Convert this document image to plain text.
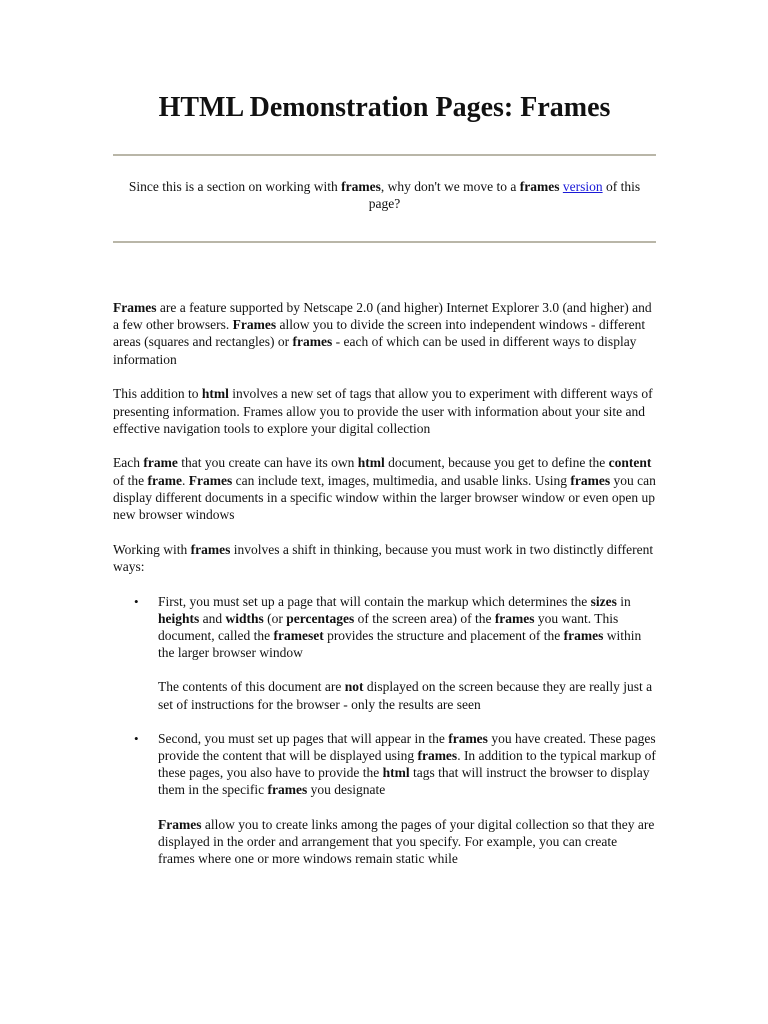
HTML Demonstration Pages: Frames
Since this is a section on working with frames, why don't we move to a frames version of this page?

Frames are a feature supported by Netscape 2.0 (and higher) Internet Explorer 3.0 (and higher) and a few other browsers. Frames allow you to divide the screen into independent windows - different areas (squares and rectangles) or frames - each of which can be used in different ways to display information

This addition to html involves a new set of tags that allow you to experiment with different ways of presenting information. Frames allow you to provide the user with information about your site and effective navigation tools to explore your digital collection

Each frame that you create can have its own html document, because you get to define the content of the frame. Frames can include text, images, multimedia, and usable links. Using frames you can display different documents in a specific window within the larger browser window or even open up new browser windows

Working with frames involves a shift in thinking, because you must work in two distinctly different ways:

• First, you must set up a page that will contain the markup which determines the sizes in heights and widths (or percentages of the screen area) of the frames you want. This document, called the frameset provides the structure and placement of the frames within the larger browser window

The contents of this document are not displayed on the screen because they are really just a set of instructions for the browser - only the results are seen

• Second, you must set up pages that will appear in the frames you have created. These pages provide the content that will be displayed using frames. In addition to the typical markup of these pages, you also have to provide the html tags that will instruct the browser to display them in the specific frames you designate

Frames allow you to create links among the pages of your digital collection so that they are displayed in the order and arrangement that you specify. For example, you can create frames where one or more windows remain static while
